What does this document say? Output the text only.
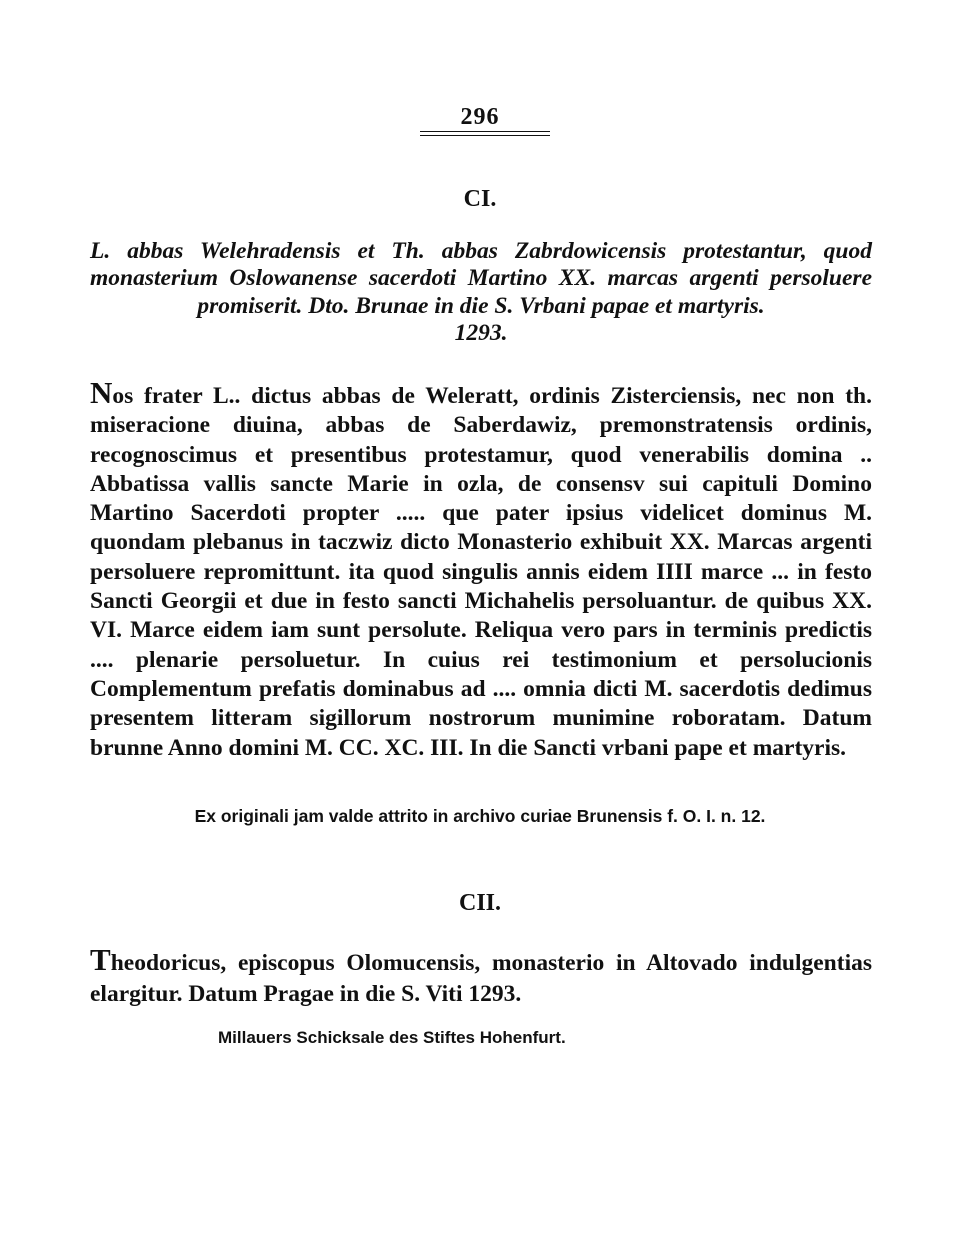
296
CI.
L. abbas Welehradensis et Th. abbas Zabrdowicensis protestantur, quod monasterium Oslowanense sacerdoti Martino XX. marcas argenti persoluere promiserit. Dto. Brunae in die S. Vrbani papae et martyris.
1293.
Nos frater L.. dictus abbas de Weleratt, ordinis Zisterciensis, nec non th. miseracione diuina, abbas de Saberdawiz, premonstratensis ordinis, recognoscimus et presentibus protestamur, quod venerabilis domina .. Abbatissa vallis sancte Marie in ozla, de consensv sui capituli Domino Martino Sacerdoti propter ..... que pater ipsius videlicet dominus M. quondam plebanus in taczwiz dicto Monasterio exhibuit XX. Marcas argenti persoluere repromittunt. ita quod singulis annis eidem IIII marce ... in festo Sancti Georgii et due in festo sancti Michahelis persoluantur. de quibus XX. VI. Marce eidem iam sunt persolute. Reliqua vero pars in terminis predictis .... plenarie persoluetur. In cuius rei testimonium et persolucionis Complementum prefatis dominabus ad .... omnia dicti M. sacerdotis dedimus presentem litteram sigillorum nostrorum munimine roboratam. Datum brunne Anno domini M. CC. XC. III. In die Sancti vrbani pape et martyris.
Ex originali jam valde attrito in archivo curiae Brunensis f. O. I. n. 12.
CII.
Theodoricus, episcopus Olomucensis, monasterio in Altovado indulgentias elargitur. Datum Pragae in die S. Viti 1293.
Millauers Schicksale des Stiftes Hohenfurt.
